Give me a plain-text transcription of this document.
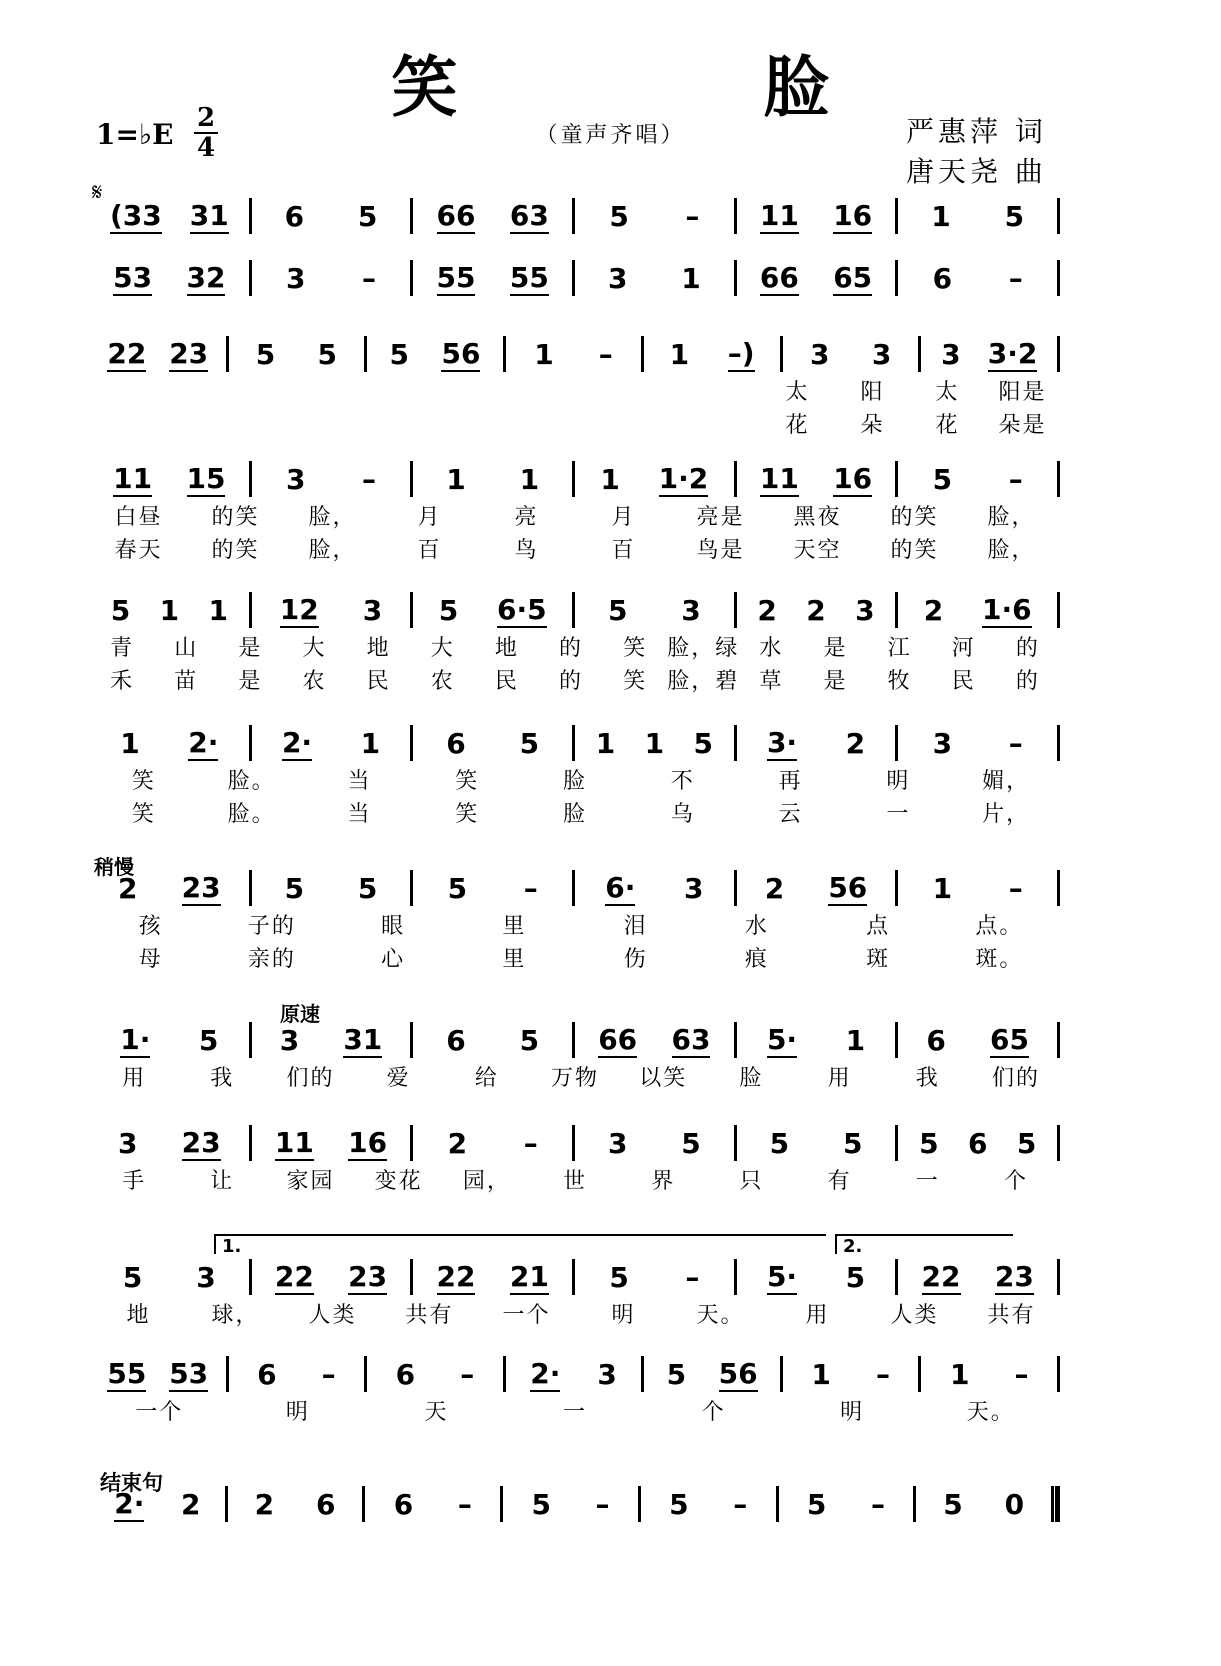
笑　脸
（童声齐唱）
1=♭E 2
4	严惠萍 词
唐天尧 曲
𝄋
(33 31 6 5 66 63 5 – 11 16 1 5
53 32 3 – 55 55 3 1 66 65 6 –
22 23 5 5 5 56 1 – 1 –) 3 3 3 3·2
太	阳	太	阳是
花	朵	花	朵是
11 15 3 –	1 1 1 1·2 11 16 5 –
白昼	的笑	脸，	月	亮	月	亮是	黑夜	的笑	脸，
春天	的笑	脸，	百	鸟	百	鸟是	天空	的笑	脸，
5 1 1 12 3 5 6·5 5 3 2 2 3 2 1·6
青	山	是	大	地	大	地	的	笑 脸，绿 水	是	江	河	的
禾	苗	是	农	民	农	民	的	笑 脸，碧 草	是	牧	民	的
1 2· 2· 1 6 5 1 1 5 3· 2 3 –
笑	脸。	当	笑	脸	不	再	明	媚，
笑	脸。	当	笑	脸	乌	云	一	片，
2 23 5 5	5 – 6· 3 2 56 1 –
孩	子的	眼	里	泪	水	点	点。
母	亲的	心	里	伤	痕	斑	斑。
1· 5 3 31 6 5 66 63 5· 1 6 65
用	我	们的	爱	给	万物	以笑	脸	用	我	们的
3 23 11 16 2 –	3 5 5 5 5 6 5
手	让	家园	变花	园，	世	界	只	有	一	个
5 3 22 23 22 21 5 – 5· 5 22 23
地	球，	人类	共有	一个	明	天。	用	人类	共有
55 53 6 – 6 – 2· 3 5 56 1 – 1 –
一个	明	天	一	个	明	天。
2· 2 2 6 6 – 5 – 5 – 5 – 5 0
稍慢
原速
1.	2.
结束句
